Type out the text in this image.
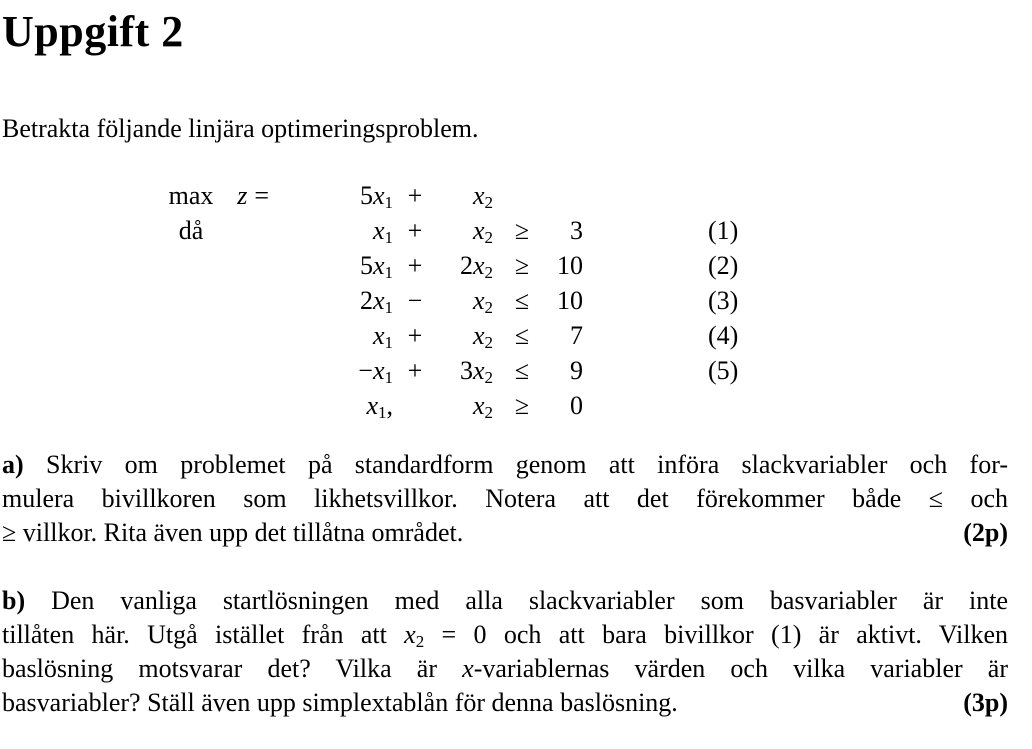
Uppgift 2
Betrakta följande linjära optimeringsproblem.
max z =	5x1 +	x2
då	x1 +	x2 ≥	3	(1)
5x1 +	2x2 ≥	10	(2)
2x1 −	x2 ≤	10	(3)
x1 +	x2 ≤	7	(4)
−x1 +	3x2 ≤	9	(5)
x1,	x2 ≥	0
a) Skriv om problemet på standardform genom att införa slackvariabler och for-
mulera bivillkoren som likhetsvillkor. Notera att det förekommer både ≤ och
≥ villkor. Rita även upp det tillåtna området.	(2p)
b) Den vanliga startlösningen med alla slackvariabler som basvariabler är inte
tillåten här. Utgå istället från att x2 = 0 och att bara bivillkor (1) är aktivt. Vilken
baslösning motsvarar det? Vilka är x-variablernas värden och vilka variabler är
basvariabler? Ställ även upp simplextablån för denna baslösning.	(3p)
